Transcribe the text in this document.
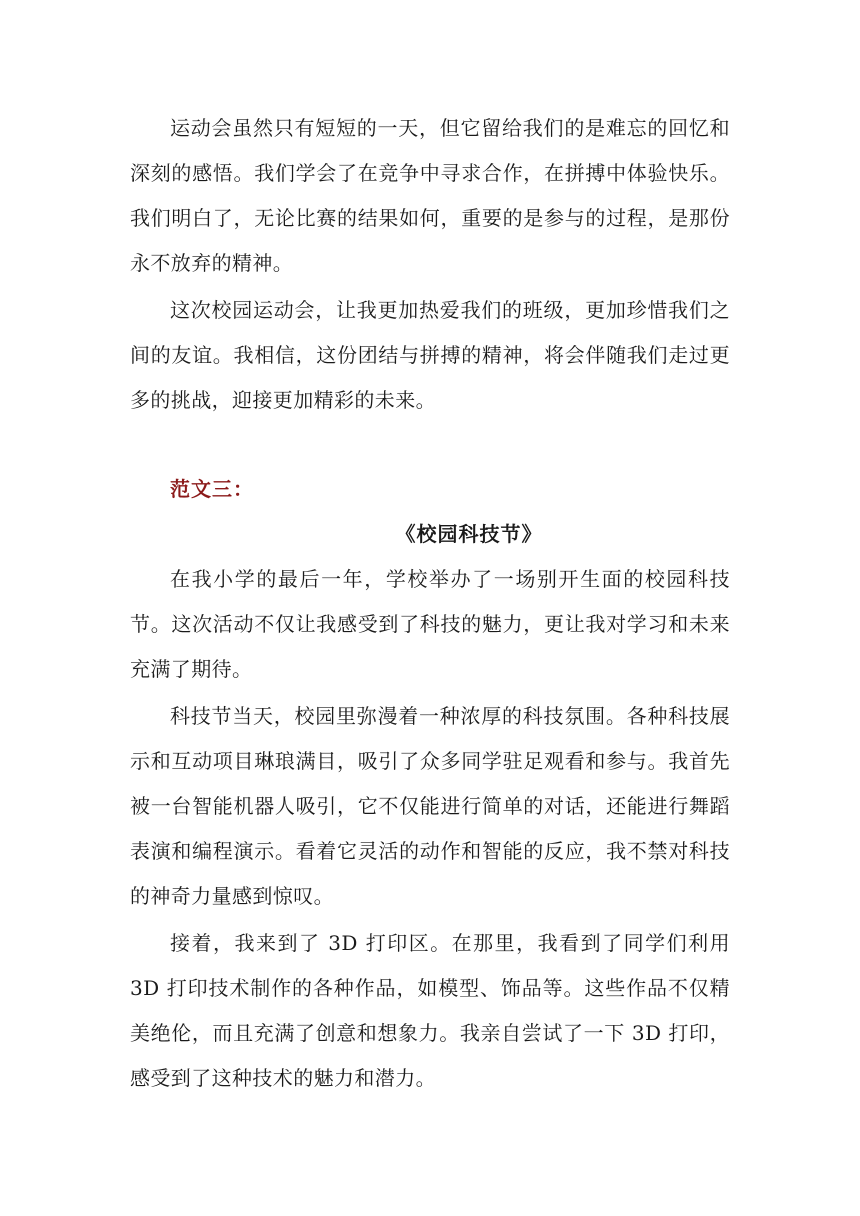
运动会虽然只有短短的一天，但它留给我们的是难忘的回忆和深刻的感悟。我们学会了在竞争中寻求合作，在拼搏中体验快乐。我们明白了，无论比赛的结果如何，重要的是参与的过程，是那份永不放弃的精神。

这次校园运动会，让我更加热爱我们的班级，更加珍惜我们之间的友谊。我相信，这份团结与拼搏的精神，将会伴随我们走过更多的挑战，迎接更加精彩的未来。

范文三：

《校园科技节》

在我小学的最后一年，学校举办了一场别开生面的校园科技节。这次活动不仅让我感受到了科技的魅力，更让我对学习和未来充满了期待。

科技节当天，校园里弥漫着一种浓厚的科技氛围。各种科技展示和互动项目琳琅满目，吸引了众多同学驻足观看和参与。我首先被一台智能机器人吸引，它不仅能进行简单的对话，还能进行舞蹈表演和编程演示。看着它灵活的动作和智能的反应，我不禁对科技的神奇力量感到惊叹。

接着，我来到了 3D 打印区。在那里，我看到了同学们利用 3D 打印技术制作的各种作品，如模型、饰品等。这些作品不仅精美绝伦，而且充满了创意和想象力。我亲自尝试了一下 3D 打印，感受到了这种技术的魅力和潜力。
